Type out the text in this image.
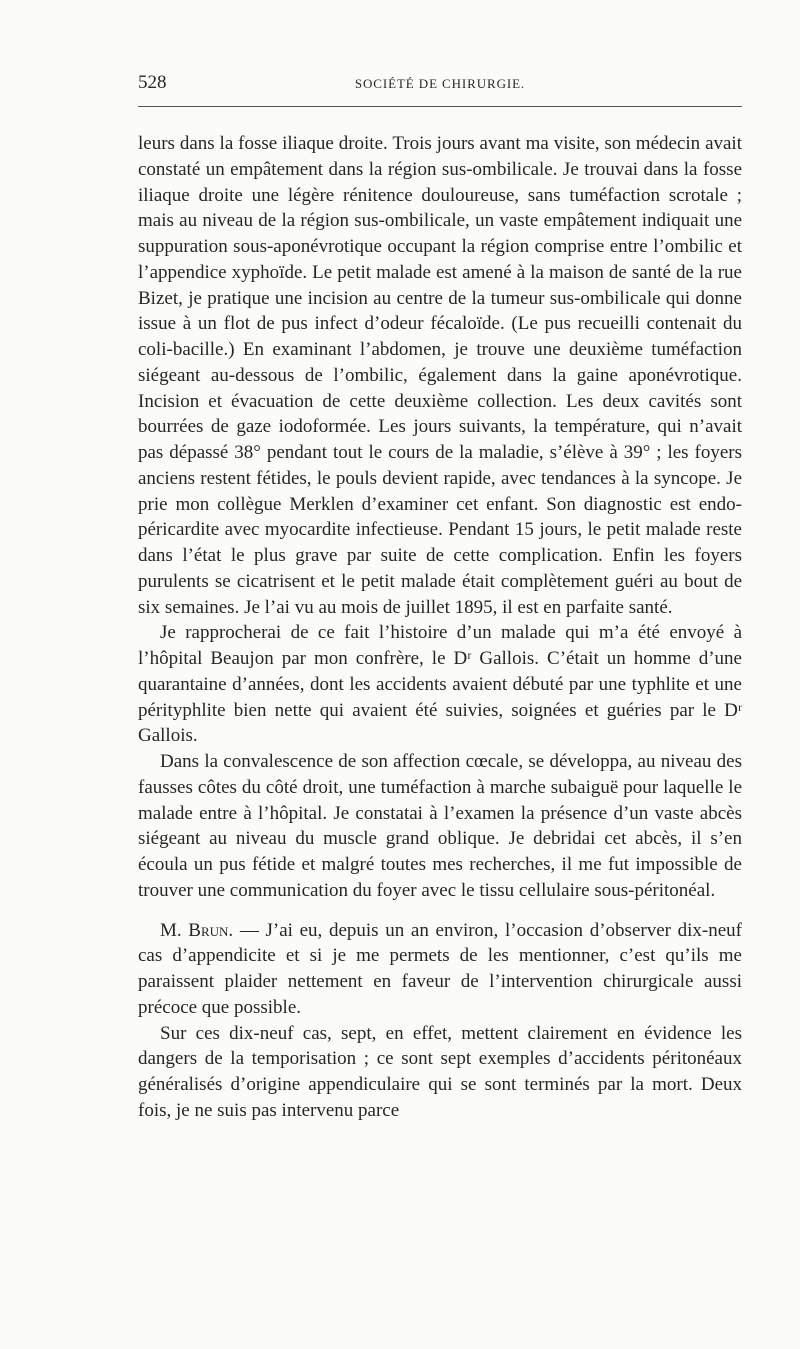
528	SOCIÉTÉ DE CHIRURGIE.

leurs dans la fosse iliaque droite. Trois jours avant ma visite, son médecin avait constaté un empâtement dans la région sus-ombilicale. Je trouvai dans la fosse iliaque droite une légère rénitence douloureuse, sans tuméfaction scrotale ; mais au niveau de la région sus-ombilicale, un vaste empâtement indiquait une suppuration sous-aponévrotique occupant la région comprise entre l’ombilic et l’appendice xyphoïde. Le petit malade est amené à la maison de santé de la rue Bizet, je pratique une incision au centre de la tumeur sus-ombilicale qui donne issue à un flot de pus infect d’odeur fécaloïde. (Le pus recueilli contenait du coli-bacille.) En examinant l’abdomen, je trouve une deuxième tuméfaction siégeant au-dessous de l’ombilic, également dans la gaine aponévrotique. Incision et évacuation de cette deuxième collection. Les deux cavités sont bourrées de gaze iodoformée. Les jours suivants, la température, qui n’avait pas dépassé 38° pendant tout le cours de la maladie, s’élève à 39° ; les foyers anciens restent fétides, le pouls devient rapide, avec tendances à la syncope. Je prie mon collègue Merklen d’examiner cet enfant. Son diagnostic est endo-péricardite avec myocardite infectieuse. Pendant 15 jours, le petit malade reste dans l’état le plus grave par suite de cette complication. Enfin les foyers purulents se cicatrisent et le petit malade était complètement guéri au bout de six semaines. Je l’ai vu au mois de juillet 1895, il est en parfaite santé.

Je rapprocherai de ce fait l’histoire d’un malade qui m’a été envoyé à l’hôpital Beaujon par mon confrère, le Dʳ Gallois. C’était un homme d’une quarantaine d’années, dont les accidents avaient débuté par une typhlite et une pérityphlite bien nette qui avaient été suivies, soignées et guéries par le Dʳ Gallois.

Dans la convalescence de son affection cœcale, se développa, au niveau des fausses côtes du côté droit, une tuméfaction à marche subaiguë pour laquelle le malade entre à l’hôpital. Je constatai à l’examen la présence d’un vaste abcès siégeant au niveau du muscle grand oblique. Je debridai cet abcès, il s’en écoula un pus fétide et malgré toutes mes recherches, il me fut impossible de trouver une communication du foyer avec le tissu cellulaire sous-péritonéal.

M. Brun. — J’ai eu, depuis un an environ, l’occasion d’observer dix-neuf cas d’appendicite et si je me permets de les mentionner, c’est qu’ils me paraissent plaider nettement en faveur de l’intervention chirurgicale aussi précoce que possible.

Sur ces dix-neuf cas, sept, en effet, mettent clairement en évidence les dangers de la temporisation ; ce sont sept exemples d’accidents péritonéaux généralisés d’origine appendiculaire qui se sont terminés par la mort. Deux fois, je ne suis pas intervenu parce
